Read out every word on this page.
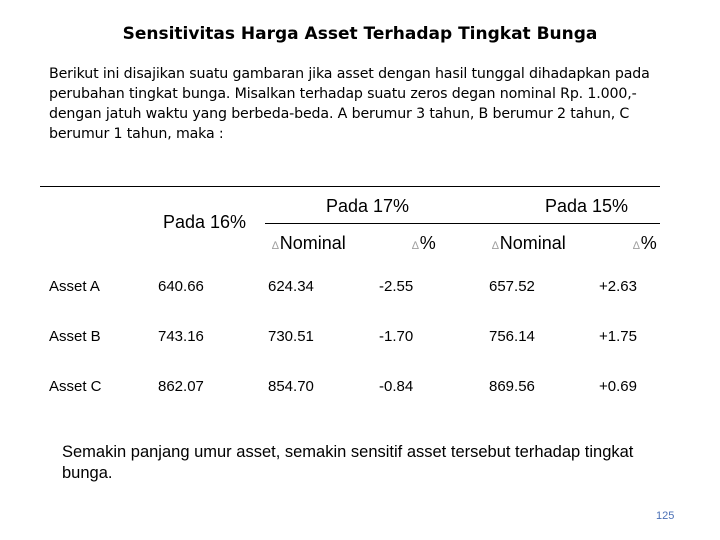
Sensitivitas Harga Asset Terhadap Tingkat Bunga
Berikut ini disajikan suatu gambaran jika asset dengan hasil tunggal dihadapkan pada perubahan tingkat bunga. Misalkan terhadap suatu zeros degan nominal Rp. 1.000,- dengan jatuh waktu yang berbeda-beda. A berumur 3 tahun, B berumur 2 tahun, C berumur 1 tahun, maka :
Pada 16%
Pada 17%	Pada 15%
∆Nominal	∆%	∆Nominal	∆%
Asset A	640.66	624.34	-2.55	657.52	+2.63
Asset B	743.16	730.51	-1.70	756.14	+1.75
Asset C	862.07	854.70	-0.84	869.56	+0.69
Semakin panjang umur asset, semakin sensitif asset tersebut terhadap tingkat bunga.
125
